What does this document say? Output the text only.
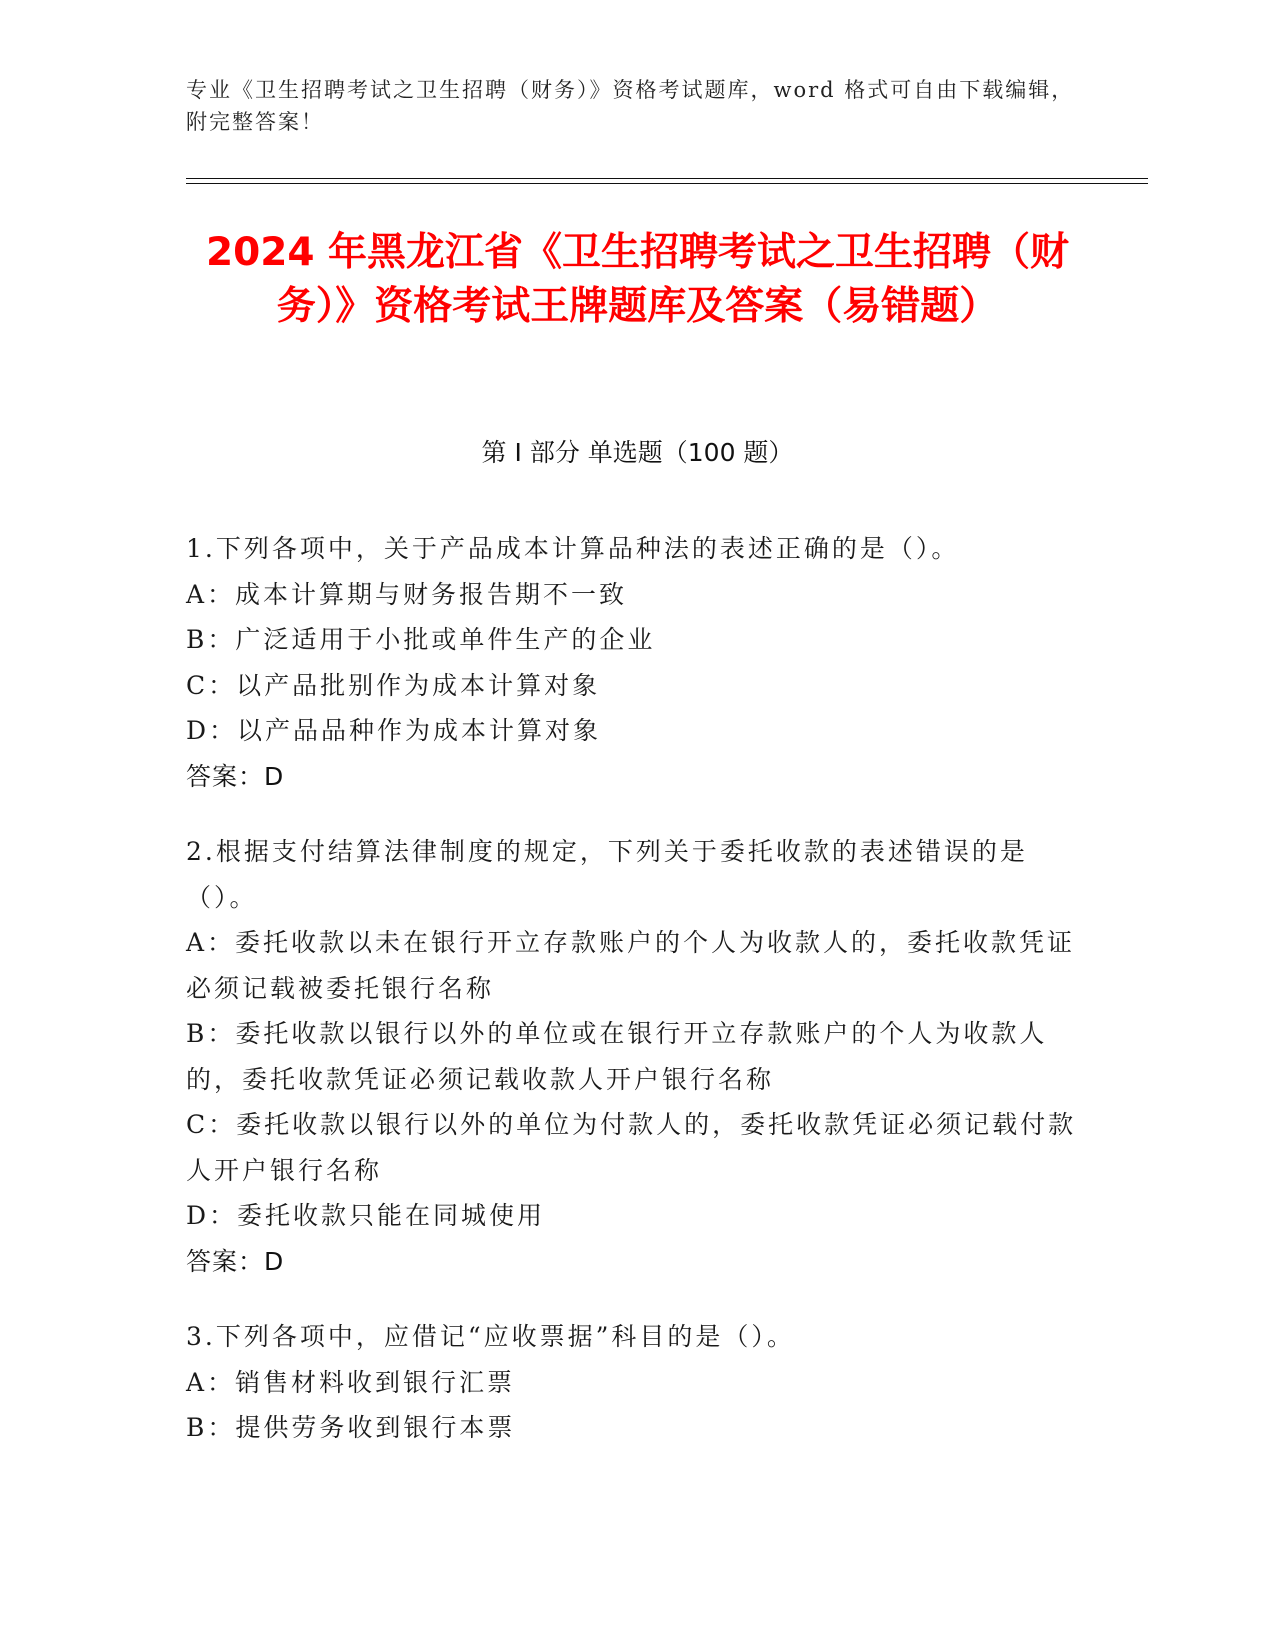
专业《卫生招聘考试之卫生招聘（财务）》资格考试题库，word 格式可自由下载编辑，附完整答案！
2024 年黑龙江省《卫生招聘考试之卫生招聘（财务）》资格考试王牌题库及答案（易错题）
第 I 部分 单选题（100 题）
1.下列各项中，关于产品成本计算品种法的表述正确的是（）。
A：成本计算期与财务报告期不一致
B：广泛适用于小批或单件生产的企业
C：以产品批别作为成本计算对象
D：以产品品种作为成本计算对象
答案：D
2.根据支付结算法律制度的规定，下列关于委托收款的表述错误的是（）。
A：委托收款以未在银行开立存款账户的个人为收款人的，委托收款凭证必须记载被委托银行名称
B：委托收款以银行以外的单位或在银行开立存款账户的个人为收款人的，委托收款凭证必须记载收款人开户银行名称
C：委托收款以银行以外的单位为付款人的，委托收款凭证必须记载付款人开户银行名称
D：委托收款只能在同城使用
答案：D
3.下列各项中，应借记“应收票据”科目的是（）。
A：销售材料收到银行汇票
B：提供劳务收到银行本票
